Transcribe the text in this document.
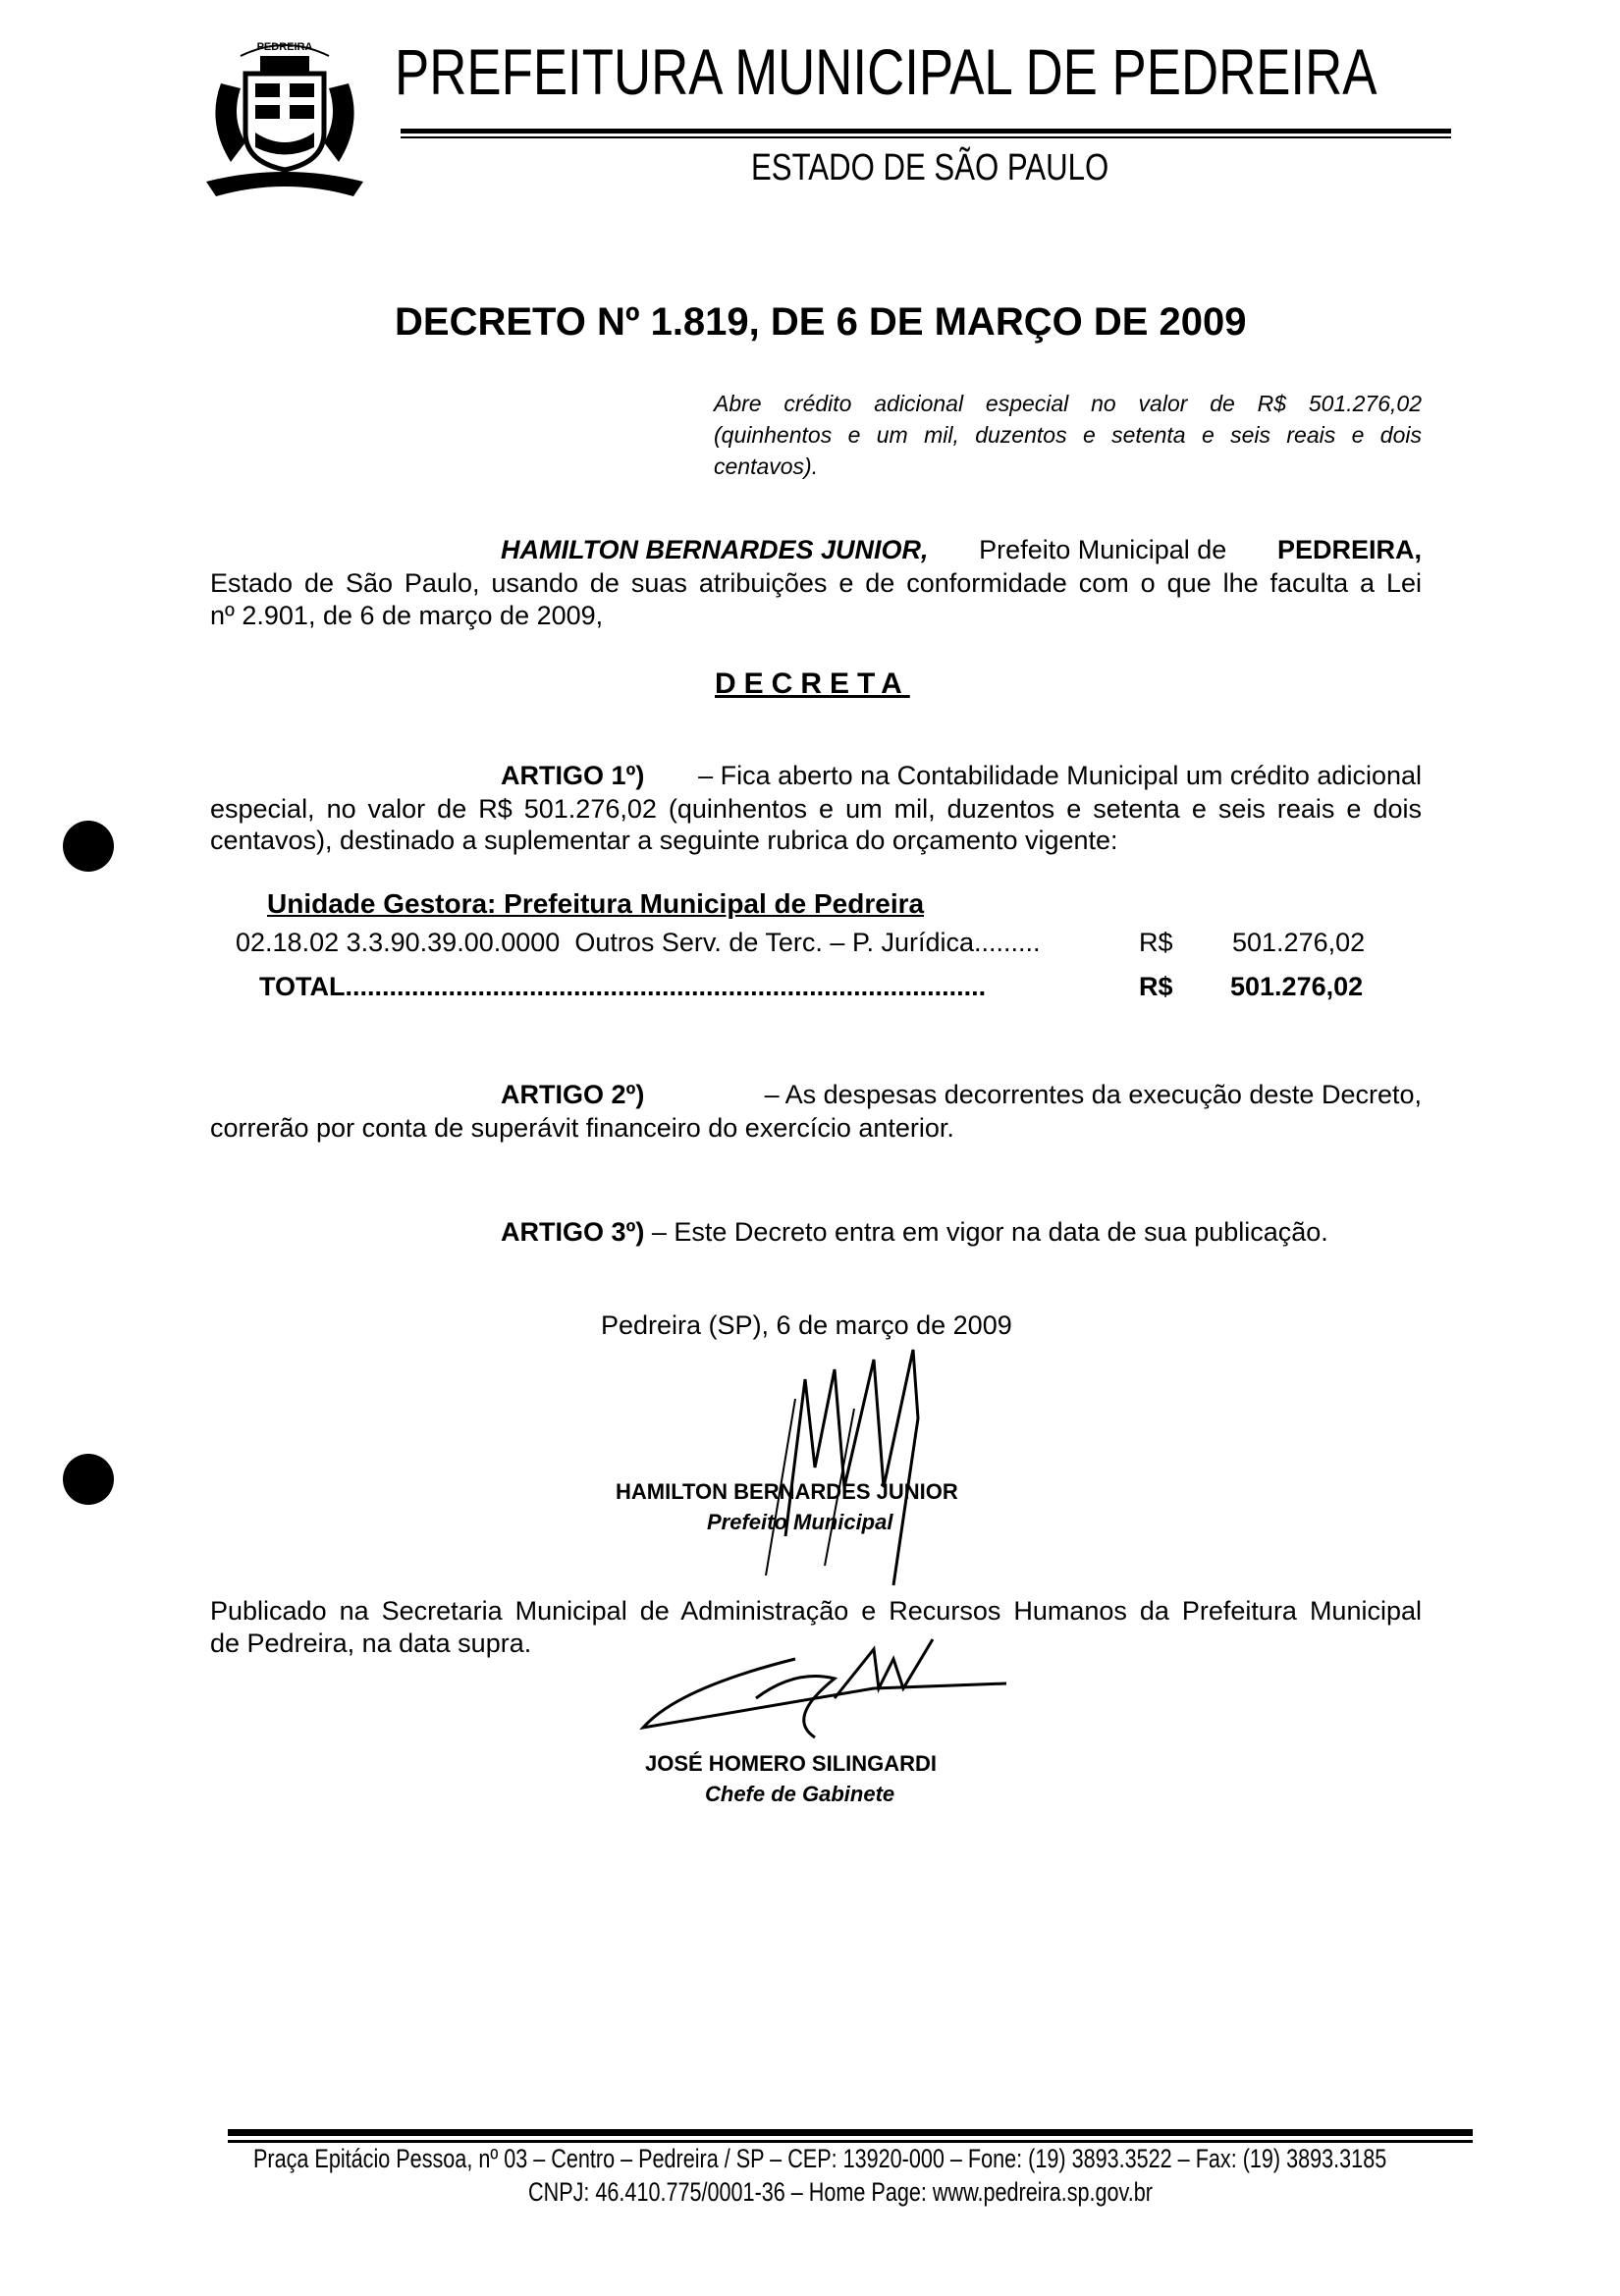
PEDREIRA PREFEITURA MUNICIPAL DE PEDREIRA
ESTADO DE SÃO PAULO
DECRETO Nº 1.819, DE 6 DE MARÇO DE 2009
Abre crédito adicional especial no valor de R$ 501.276,02
(quinhentos e um mil, duzentos e setenta e seis reais e dois
centavos).
HAMILTON BERNARDES JUNIOR, Prefeito Municipal de PEDREIRA,
Estado de São Paulo, usando de suas atribuições e de conformidade com o que lhe faculta a Lei
nº 2.901, de 6 de março de 2009,
DECRETA
ARTIGO 1º) – Fica aberto na Contabilidade Municipal um crédito adicional
especial, no valor de R$ 501.276,02 (quinhentos e um mil, duzentos e setenta e seis reais e dois
centavos), destinado a suplementar a seguinte rubrica do orçamento vigente:
Unidade Gestora: Prefeitura Municipal de Pedreira
02.18.02 3.3.90.39.00.0000 Outros Serv. de Terc. – P. Jurídica.........	R$ 501.276,02
TOTAL.......................................................................................	R$ 501.276,02
ARTIGO 2º)	– As despesas decorrentes da execução deste Decreto,
correrão por conta de superávit financeiro do exercício anterior.
ARTIGO 3º) – Este Decreto entra em vigor na data de sua publicação.
Pedreira (SP), 6 de março de 2009
HAMILTON BERNARDES JUNIOR
Prefeito Municipal
Publicado na Secretaria Municipal de Administração e Recursos Humanos da Prefeitura Municipal
de Pedreira, na data supra.
JOSÉ HOMERO SILINGARDI
Chefe de Gabinete
Praça Epitácio Pessoa, nº 03 – Centro – Pedreira / SP – CEP: 13920-000 – Fone: (19) 3893.3522 – Fax: (19) 3893.3185
CNPJ: 46.410.775/0001-36 – Home Page: www.pedreira.sp.gov.br
